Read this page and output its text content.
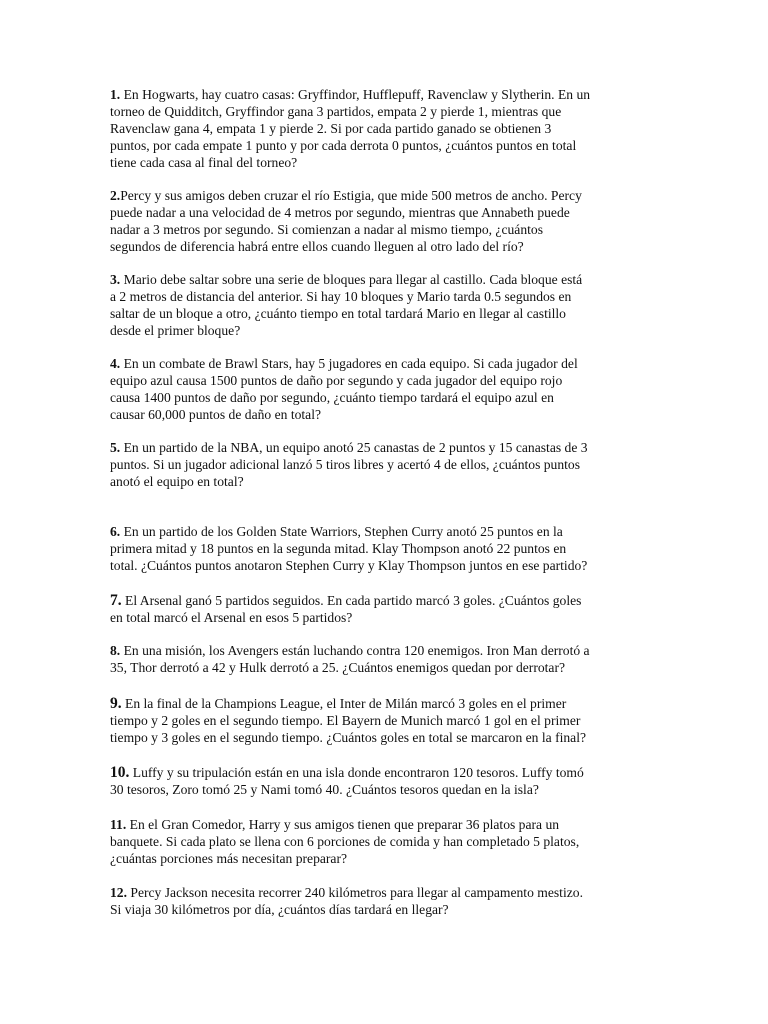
1. En Hogwarts, hay cuatro casas: Gryffindor, Hufflepuff, Ravenclaw y Slytherin. En un
torneo de Quidditch, Gryffindor gana 3 partidos, empata 2 y pierde 1, mientras que
Ravenclaw gana 4, empata 1 y pierde 2. Si por cada partido ganado se obtienen 3
puntos, por cada empate 1 punto y por cada derrota 0 puntos, ¿cuántos puntos en total
tiene cada casa al final del torneo?

2.Percy y sus amigos deben cruzar el río Estigia, que mide 500 metros de ancho. Percy
puede nadar a una velocidad de 4 metros por segundo, mientras que Annabeth puede
nadar a 3 metros por segundo. Si comienzan a nadar al mismo tiempo, ¿cuántos
segundos de diferencia habrá entre ellos cuando lleguen al otro lado del río?

3. Mario debe saltar sobre una serie de bloques para llegar al castillo. Cada bloque está
a 2 metros de distancia del anterior. Si hay 10 bloques y Mario tarda 0.5 segundos en
saltar de un bloque a otro, ¿cuánto tiempo en total tardará Mario en llegar al castillo
desde el primer bloque?

4. En un combate de Brawl Stars, hay 5 jugadores en cada equipo. Si cada jugador del
equipo azul causa 1500 puntos de daño por segundo y cada jugador del equipo rojo
causa 1400 puntos de daño por segundo, ¿cuánto tiempo tardará el equipo azul en
causar 60,000 puntos de daño en total?

5. En un partido de la NBA, un equipo anotó 25 canastas de 2 puntos y 15 canastas de 3
puntos. Si un jugador adicional lanzó 5 tiros libres y acertó 4 de ellos, ¿cuántos puntos
anotó el equipo en total?

6. En un partido de los Golden State Warriors, Stephen Curry anotó 25 puntos en la
primera mitad y 18 puntos en la segunda mitad. Klay Thompson anotó 22 puntos en
total. ¿Cuántos puntos anotaron Stephen Curry y Klay Thompson juntos en ese partido?

7. El Arsenal ganó 5 partidos seguidos. En cada partido marcó 3 goles. ¿Cuántos goles
en total marcó el Arsenal en esos 5 partidos?

8. En una misión, los Avengers están luchando contra 120 enemigos. Iron Man derrotó a
35, Thor derrotó a 42 y Hulk derrotó a 25. ¿Cuántos enemigos quedan por derrotar?

9. En la final de la Champions League, el Inter de Milán marcó 3 goles en el primer
tiempo y 2 goles en el segundo tiempo. El Bayern de Munich marcó 1 gol en el primer
tiempo y 3 goles en el segundo tiempo. ¿Cuántos goles en total se marcaron en la final?

10. Luffy y su tripulación están en una isla donde encontraron 120 tesoros. Luffy tomó
30 tesoros, Zoro tomó 25 y Nami tomó 40. ¿Cuántos tesoros quedan en la isla?

11. En el Gran Comedor, Harry y sus amigos tienen que preparar 36 platos para un
banquete. Si cada plato se llena con 6 porciones de comida y han completado 5 platos,
¿cuántas porciones más necesitan preparar?

12. Percy Jackson necesita recorrer 240 kilómetros para llegar al campamento mestizo.
Si viaja 30 kilómetros por día, ¿cuántos días tardará en llegar?
